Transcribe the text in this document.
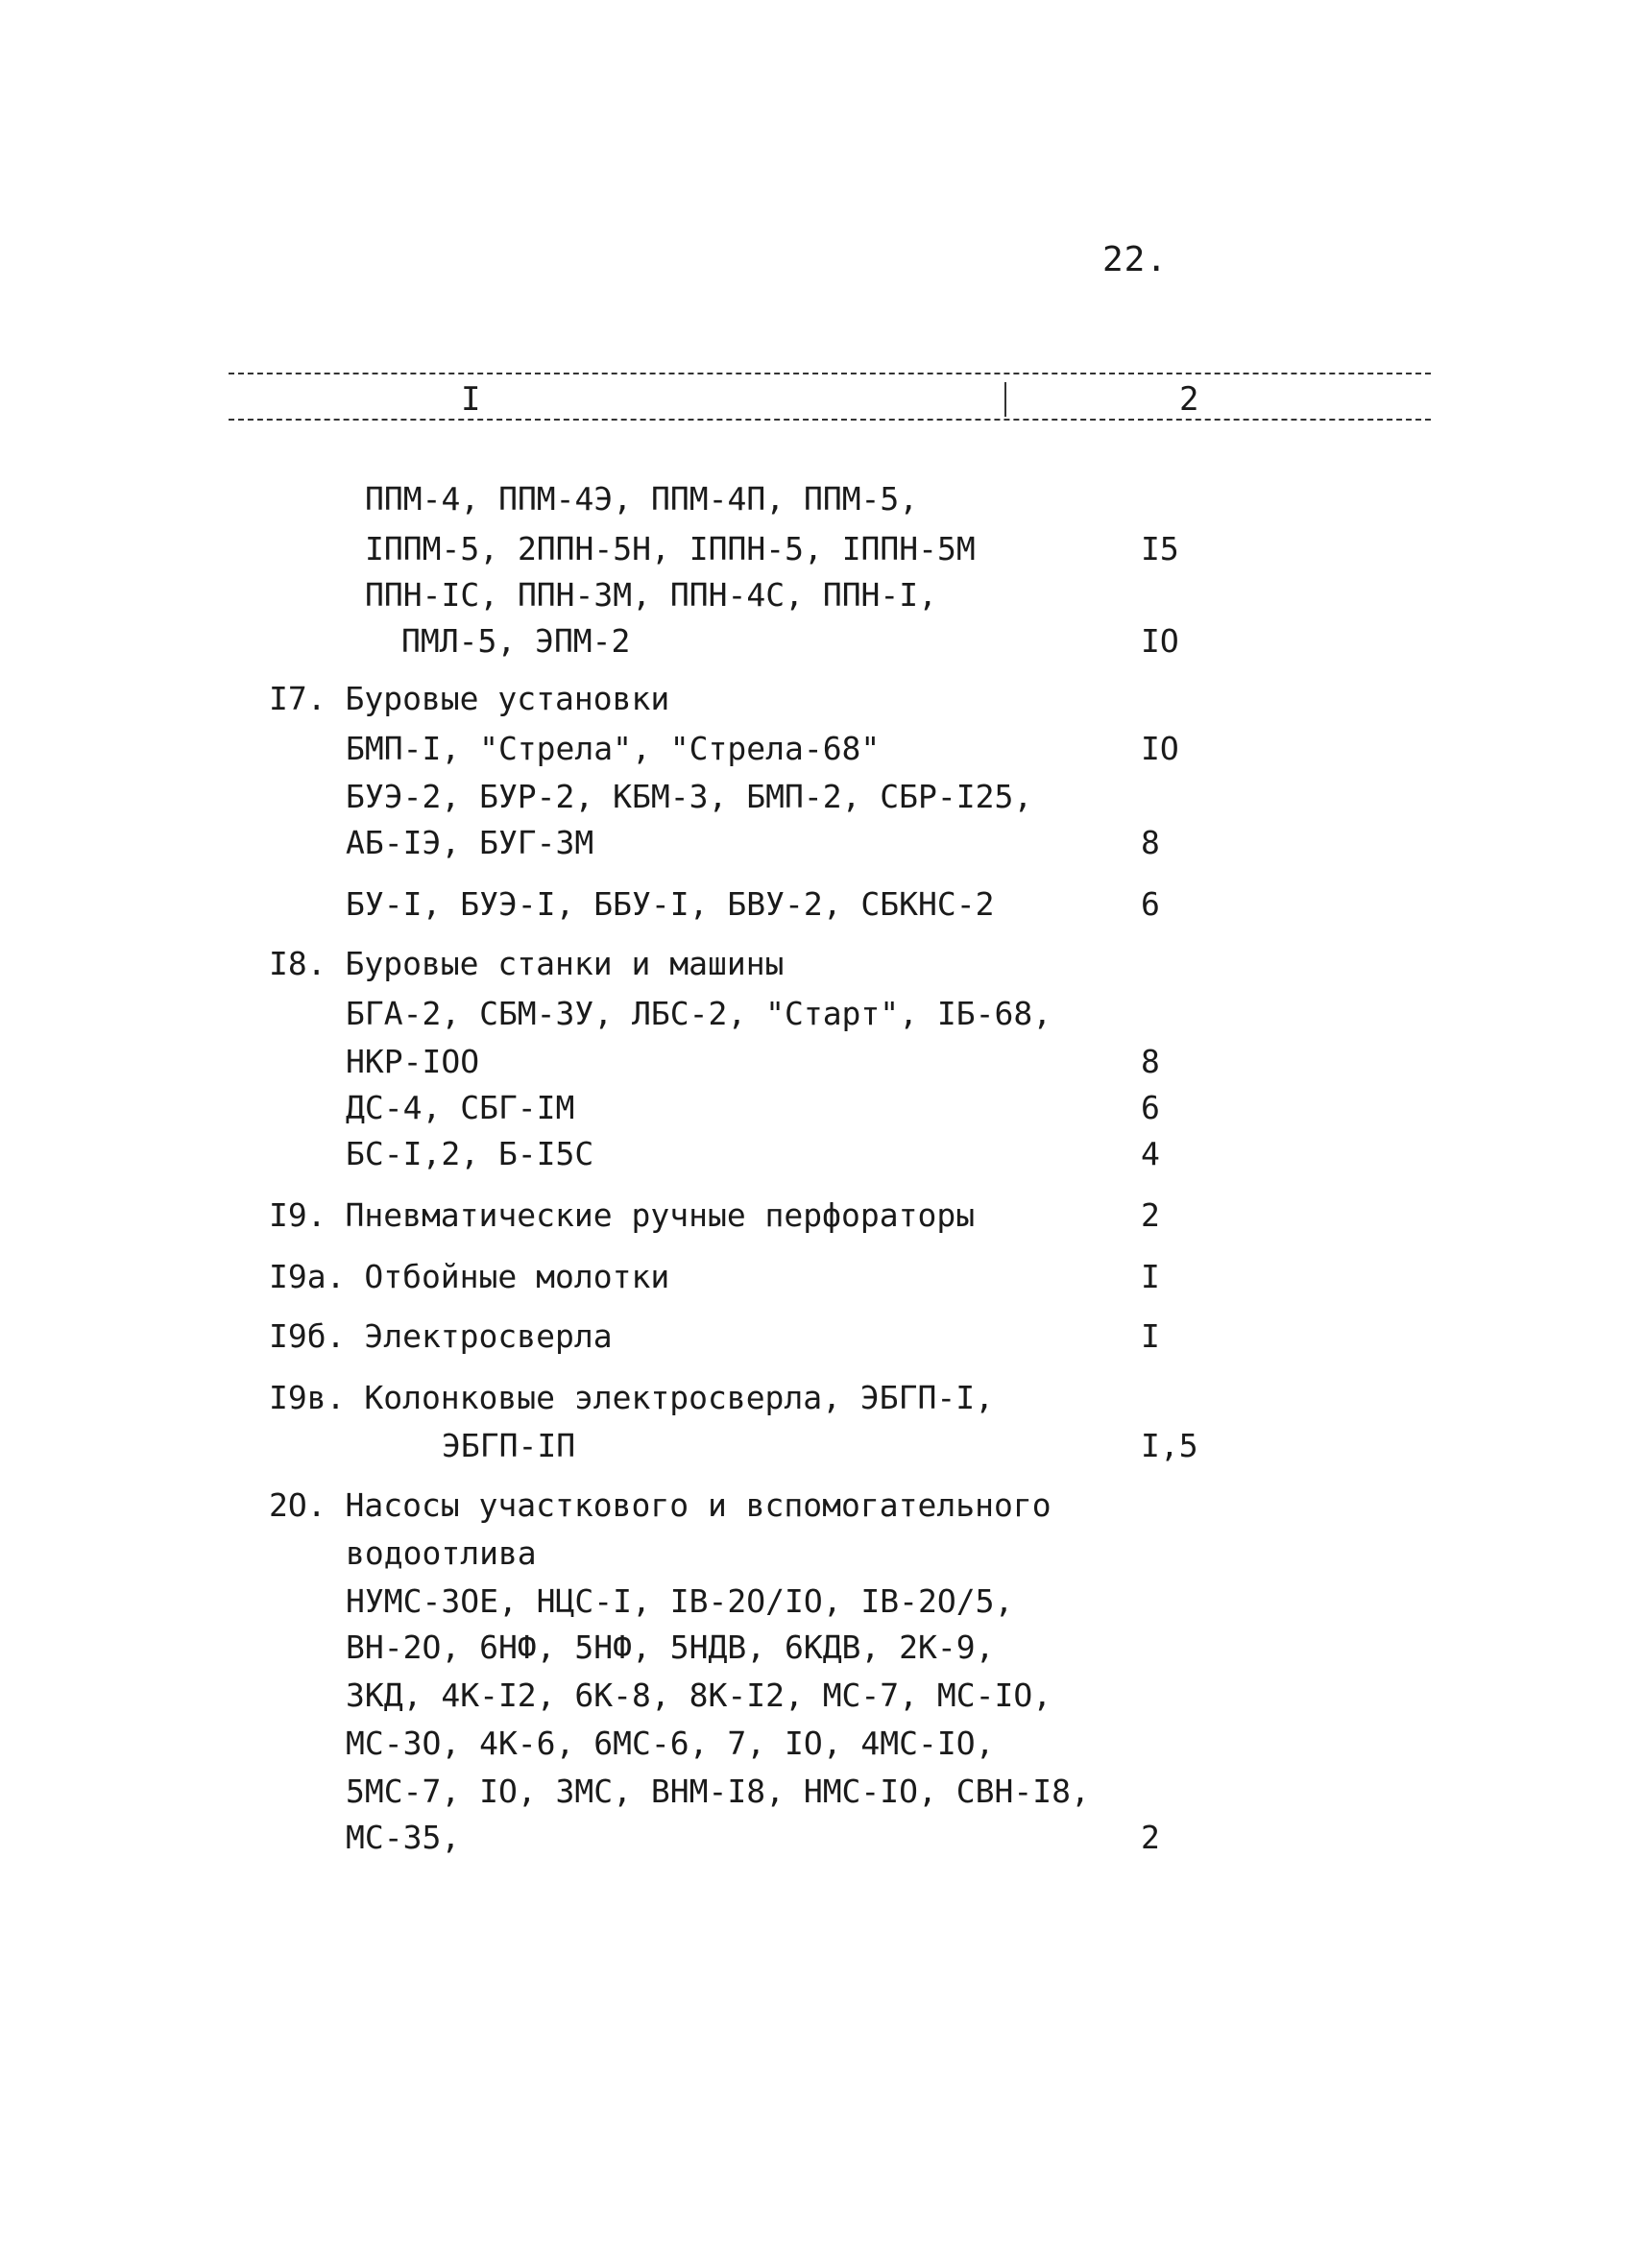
22.
I	2
ППМ-4, ППМ-4Э, ППМ-4П, ППМ-5,
IППМ-5, 2ППН-5Н, IППН-5, IППН-5М	I5
ППН-IС, ППН-3М, ППН-4С, ППН-I,
ПМЛ-5, ЭПМ-2	IO
I7. Буровые установки
БМП-I, "Стрела", "Стрела-68"	IO
БУЭ-2, БУР-2, КБМ-3, БМП-2, СБР-I25,
АБ-IЭ, БУГ-3М	8
БУ-I, БУЭ-I, ББУ-I, БВУ-2, СБКНС-2	6
I8. Буровые станки и машины
БГА-2, СБМ-3У, ЛБС-2, "Старт", IБ-68,
НКР-IOO	8
ДС-4, СБГ-IМ	6
БС-I,2, Б-I5С	4
I9. Пневматические ручные перфораторы	2
I9а. Отбойные молотки	I
I9б. Электросверла	I
I9в. Колонковые электросверла, ЭБГП-I,
ЭБГП-IП	I,5
2O. Насосы участкового и вспомогательного
водоотлива
НУМС-3OЕ, НЦС-I, IВ-2O/IO, IВ-2O/5,
ВН-2O, 6НФ, 5НФ, 5НДВ, 6КДВ, 2К-9,
3КД, 4К-I2, 6К-8, 8К-I2, МС-7, МС-IO,
МС-3O, 4К-6, 6МС-6, 7, IO, 4МС-IO,
5МС-7, IO, 3МС, ВНМ-I8, НМС-IO, СВН-I8,
МС-35,	2
